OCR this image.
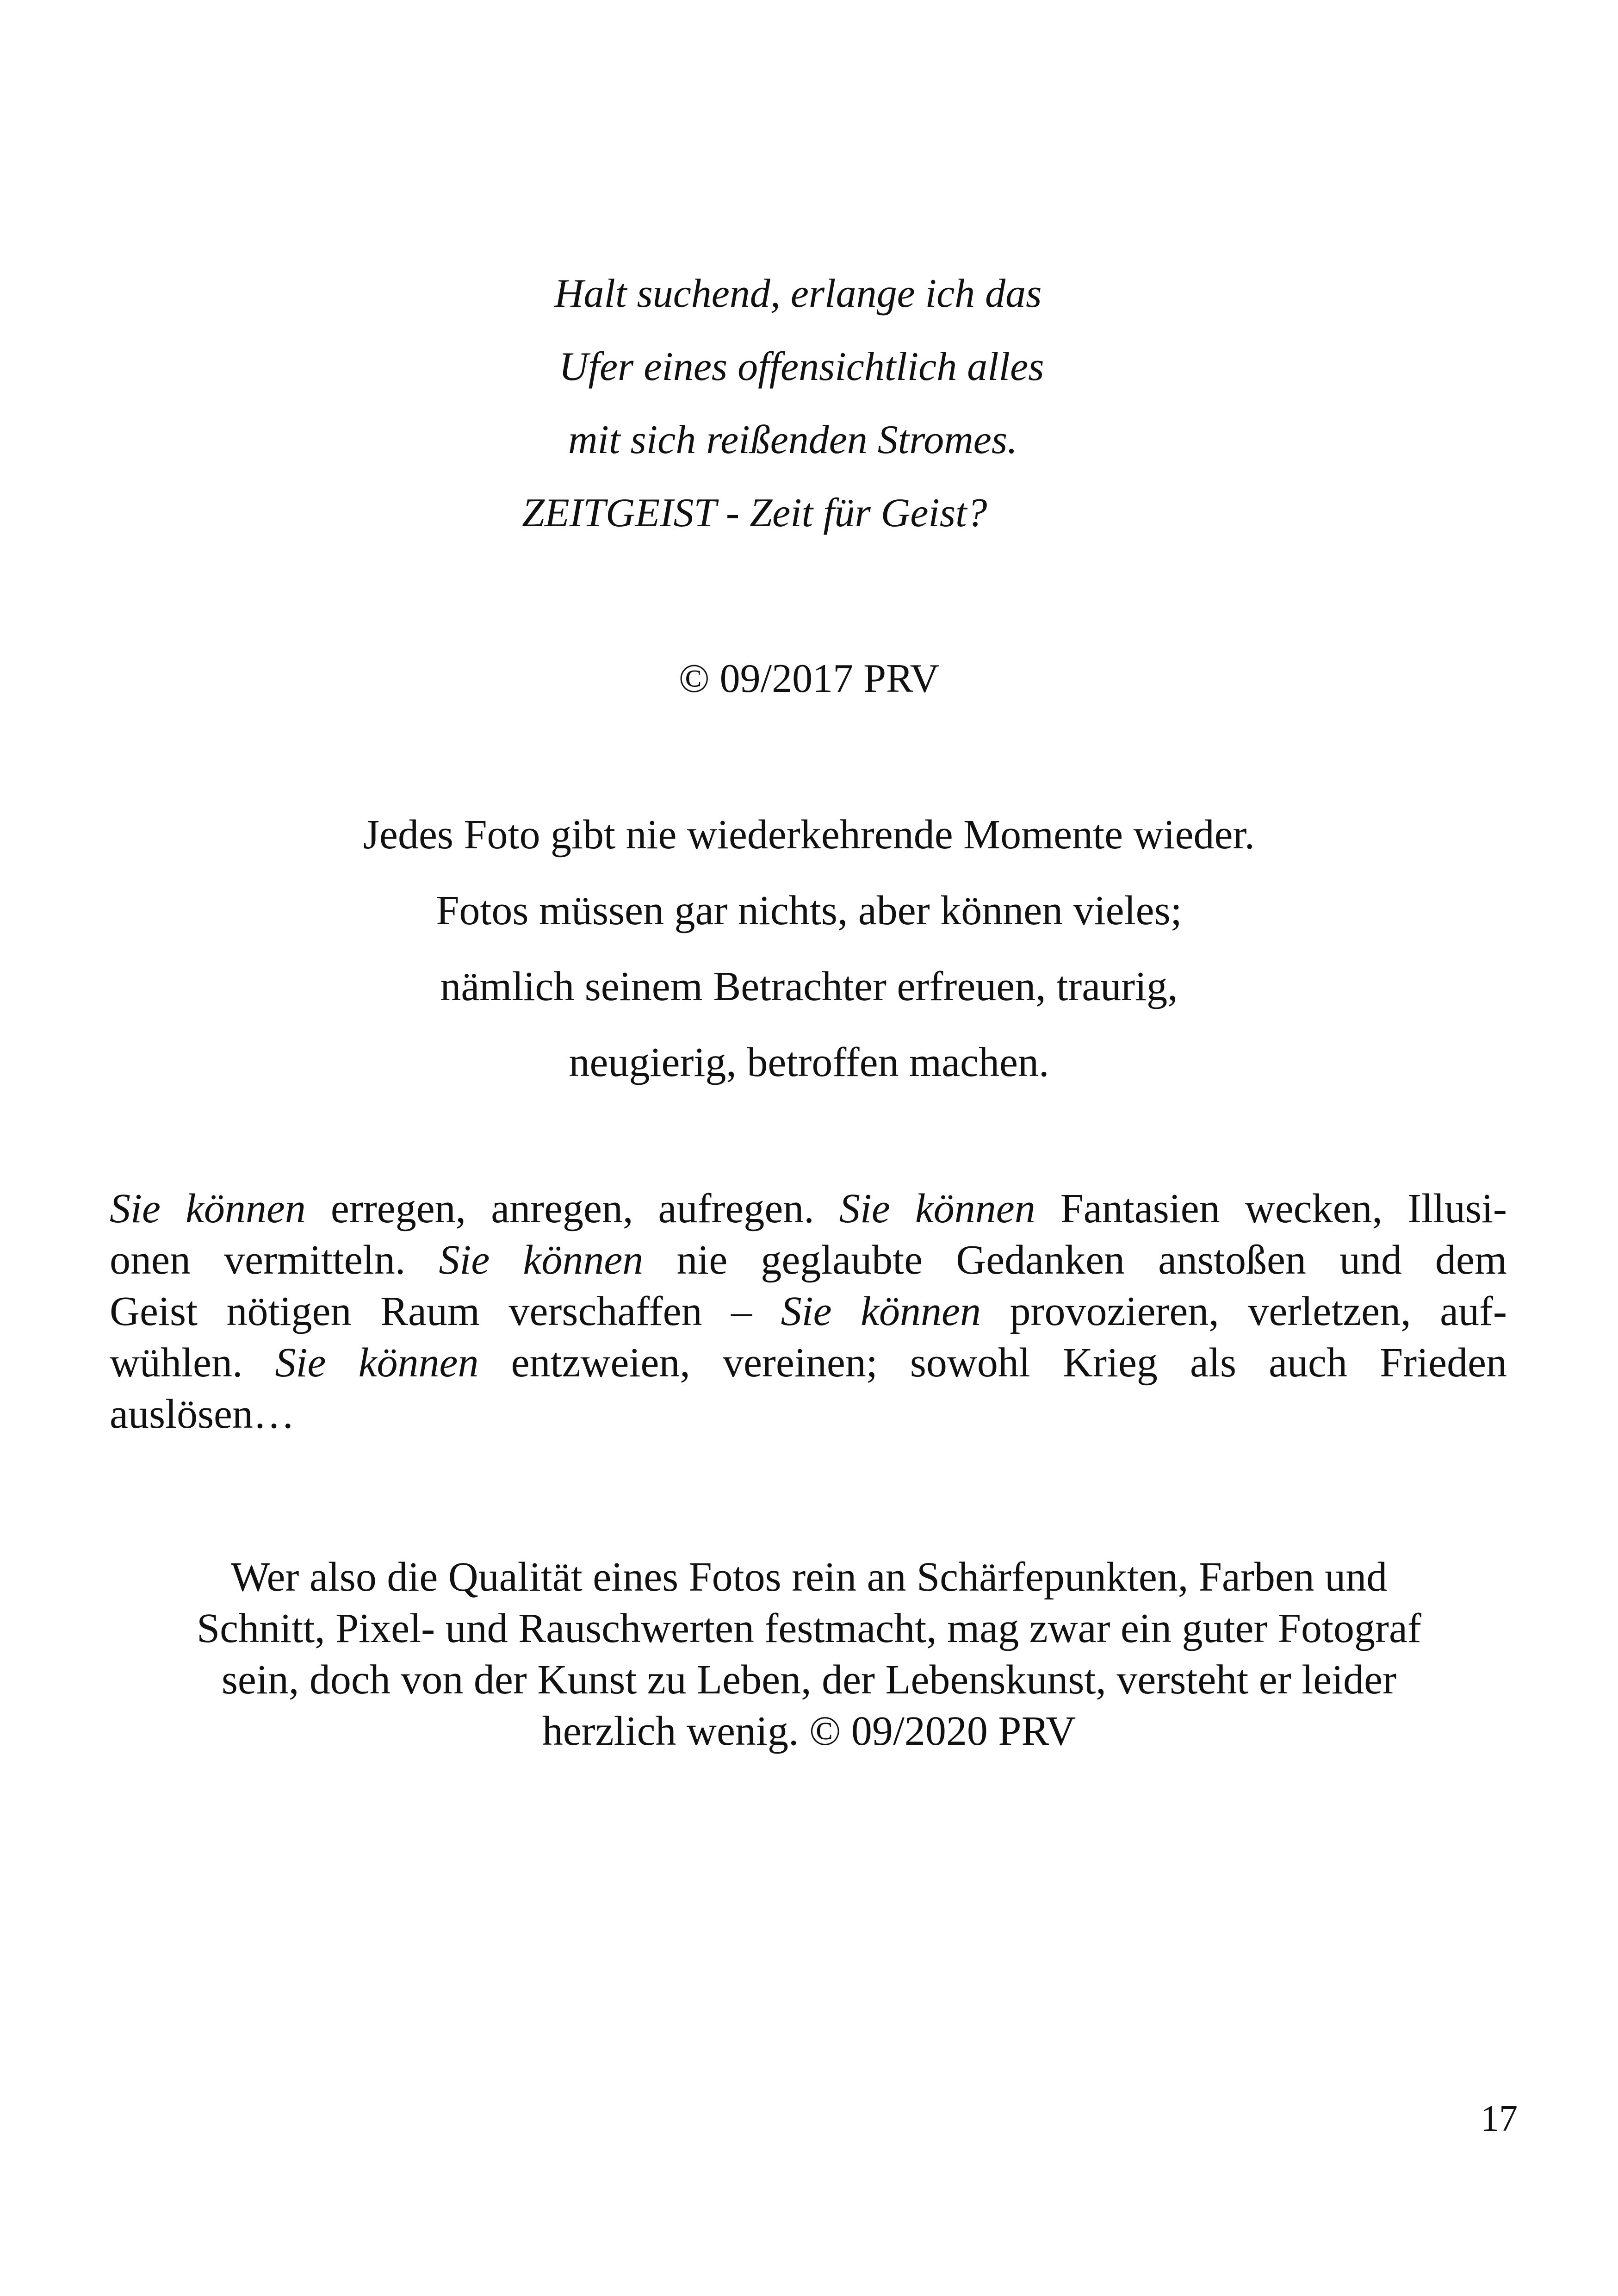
Halt suchend, erlange ich das
Ufer eines offensichtlich alles
mit sich reißenden Stromes.
ZEITGEIST - Zeit für Geist?
© 09/2017 PRV
Jedes Foto gibt nie wiederkehrende Momente wieder.
Fotos müssen gar nichts, aber können vieles;
nämlich seinem Betrachter erfreuen, traurig,
neugierig, betroffen machen.
Sie können erregen, anregen, aufregen. Sie können Fantasien wecken, Illusi-
onen vermitteln. Sie können nie geglaubte Gedanken anstoßen und dem
Geist nötigen Raum verschaffen – Sie können provozieren, verletzen, auf-
wühlen. Sie können entzweien, vereinen; sowohl Krieg als auch Frieden
auslösen…
Wer also die Qualität eines Fotos rein an Schärfepunkten, Farben und
Schnitt, Pixel- und Rauschwerten festmacht, mag zwar ein guter Fotograf
sein, doch von der Kunst zu Leben, der Lebenskunst, versteht er leider
herzlich wenig. © 09/2020 PRV
17
